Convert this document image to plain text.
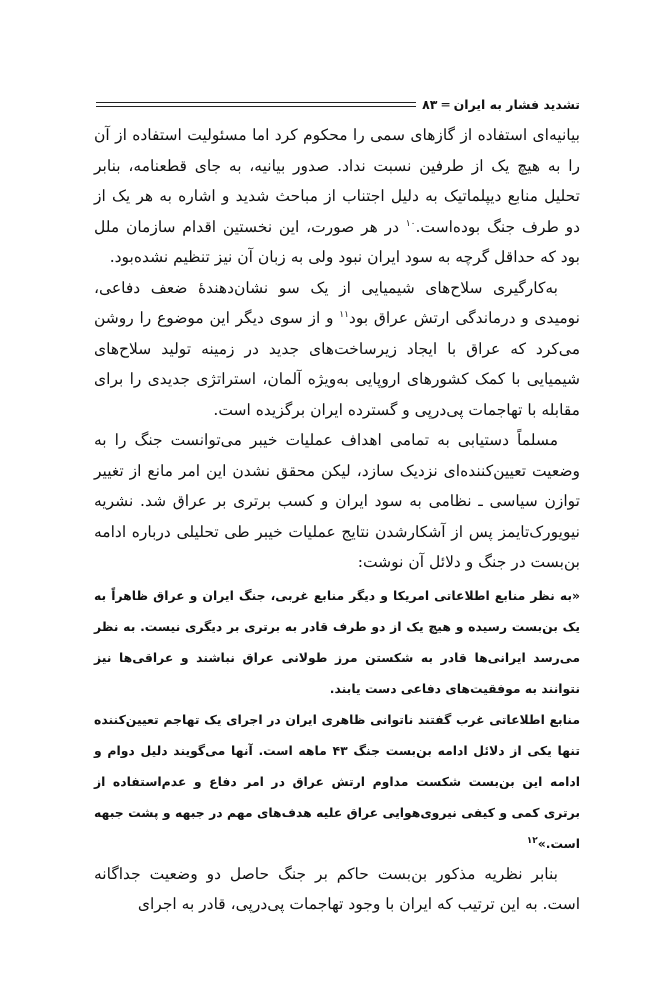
تشدید فشار به ایران ═ ۸۳

بیانیه‌ای استفاده از گازهای سمی را محکوم کرد اما مسئولیت استفاده از آن را به هیچ یک از طرفین نسبت نداد. صدور بیانیه، به جای قطعنامه، بنابر تحلیل منابع دیپلماتیک به دلیل اجتناب از مباحث شدید و اشاره به هر یک از دو طرف جنگ بوده‌است.$^{۱۰}$ در هر صورت، این نخستین اقدام سازمان ملل بود که حداقل گرچه به سود ایران نبود ولی به زبان آن نیز تنظیم نشده‌بود.

به‌کارگیری سلاح‌های شیمیایی از یک سو نشان‌دهندۀ ضعف دفاعی، نومیدی و درماندگی ارتش عراق بود$^{۱۱}$ و از سوی دیگر این موضوع را روشن می‌کرد که عراق با ایجاد زیرساخت‌های جدید در زمینه تولید سلاح‌های شیمیایی با کمک کشورهای اروپایی به‌ویژه آلمان، استراتژی جدیدی را برای مقابله با تهاجمات پی‌درپی و گسترده ایران برگزیده است.

مسلماً دستیابی به تمامی اهداف عملیات خیبر می‌توانست جنگ را به وضعیت تعیین‌کننده‌ای نزدیک سازد، لیکن محقق نشدن این امر مانع از تغییر توازن سیاسی ـ نظامی به سود ایران و کسب برتری بر عراق شد. نشریه نیویورک‌تایمز پس از آشکارشدن نتایج عملیات خیبر طی تحلیلی درباره ادامه بن‌بست در جنگ و دلائل آن نوشت:

«به نظر منابع اطلاعاتی امریکا و دیگر منابع غربی، جنگ ایران و عراق ظاهراً به یک بن‌بست رسیده و هیچ یک از دو طرف قادر به برتری بر دیگری نیست. به نظر می‌رسد ایرانی‌ها قادر به شکستن مرز طولانی عراق نباشند و عراقی‌ها نیز نتوانند به موفقیت‌های دفاعی دست یابند.

منابع اطلاعاتی غرب گفتند ناتوانی ظاهری ایران در اجرای یک تهاجم تعیین‌کننده تنها یکی از دلائل ادامه بن‌بست جنگ ۴۳ ماهه است. آنها می‌گویند دلیل دوام و ادامه این بن‌بست شکست مداوم ارتش عراق در امر دفاع و عدم‌استفاده از برتری کمی و کیفی نیروی‌هوایی عراق علیه هدف‌های مهم در جبهه و پشت جبهه است.»$^{۱۲}$

بنابر نظریه مذکور بن‌بست حاکم بر جنگ حاصل دو وضعیت جداگانه است. به این ترتیب که ایران با وجود تهاجمات پی‌درپی، قادر به اجرای
